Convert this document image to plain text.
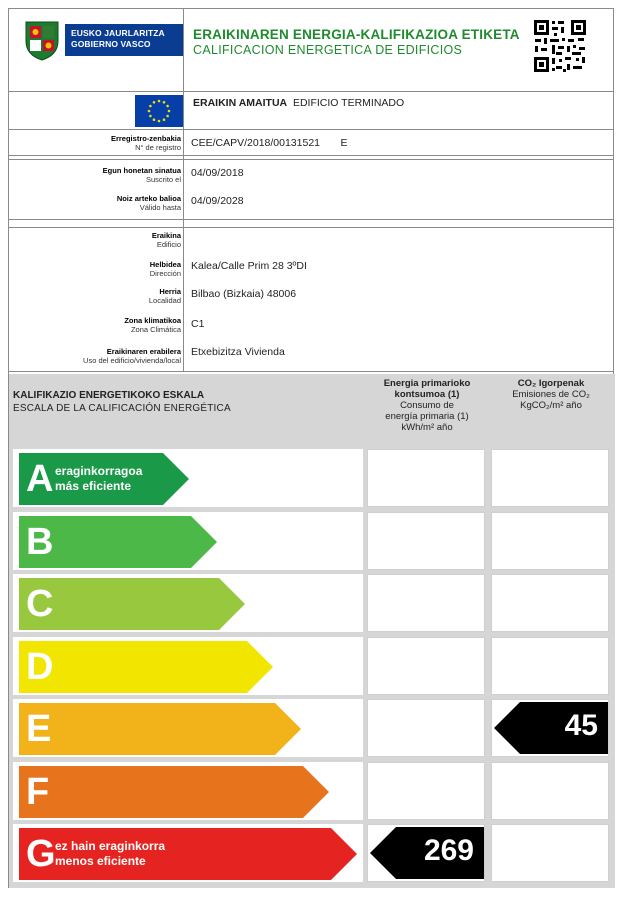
EUSKO JAURLARITZA
GOBIERNO VASCO
ERAIKINAREN ENERGIA-KALIFIKAZIOA ETIKETA
CALIFICACION ENERGETICA DE EDIFICIOS
ERAIKIN AMAITUA EDIFICIO TERMINADO
Erregistro-zenbakia
N° de registro CEE/CAPV/2018/00131521 E
Egun honetan sinatua
Suscrito el
04/09/2018
Noiz arteko balioa
Válido hasta
04/09/2028
Eraikina
Edificio
Helbidea
Dirección
Kalea/Calle Prim 28 3ºDI
Herria
Localidad
Bilbao (Bizkaia) 48006
Zona klimatikoa
Zona Climática C1
Eraikinaren erabilera
Uso del edificio/vivienda/local
Etxebizitza Vivienda
KALIFIKAZIO ENERGETIKOKO ESKALA
ESCALA DE LA CALIFICACIÓN ENERGÉTICA
Energia primarioko
kontsumoa (1)
Consumo de
energía primaria (1)
kWh/m² año
CO₂ Igorpenak
Emisiones de CO₂
KgCO₂/m² año
A eraginkorragoa
más eficiente
B
C
D
E	45
F
G ez hain eraginkorra
menos eficiente	269
